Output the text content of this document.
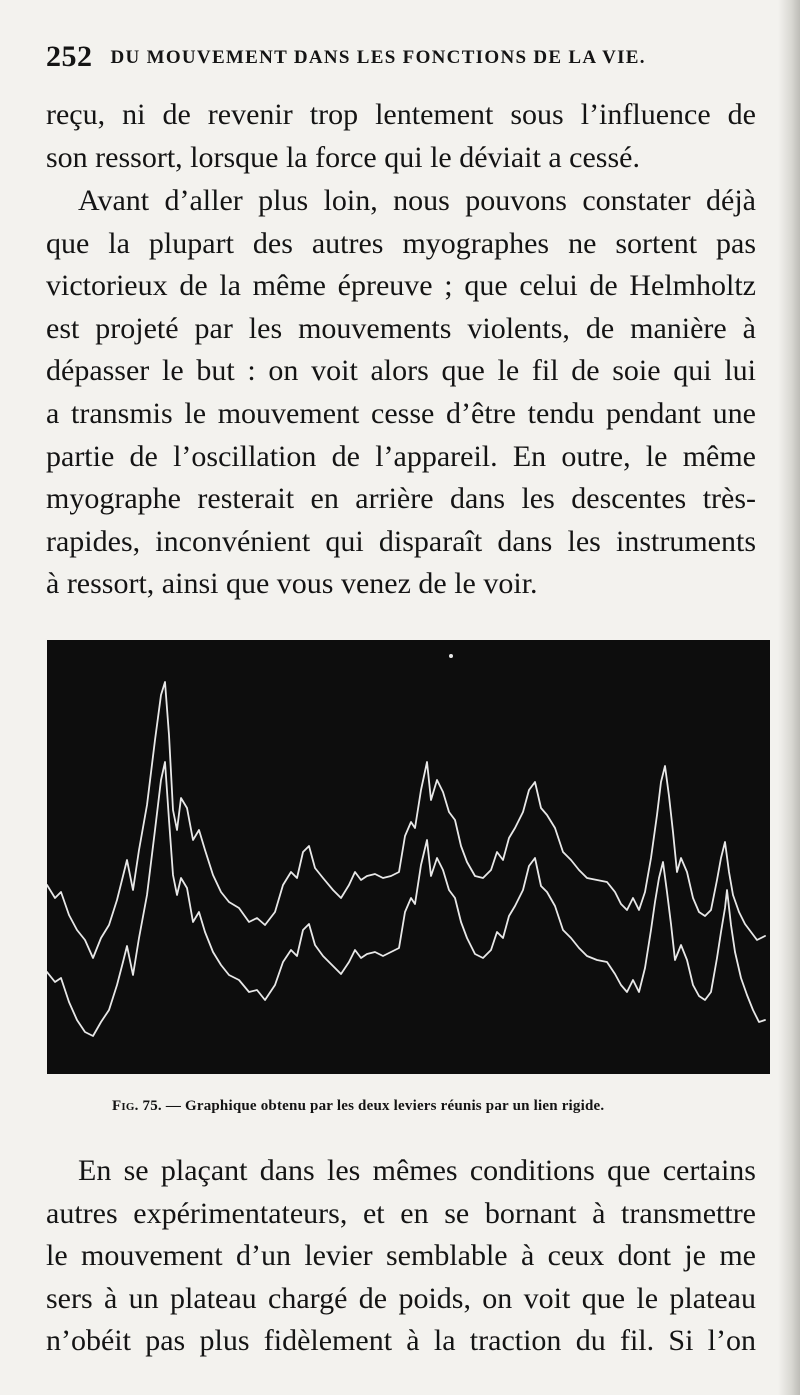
252 DU MOUVEMENT DANS LES FONCTIONS DE LA VIE.
reçu, ni de revenir trop lentement sous l’influence de
son ressort, lorsque la force qui le déviait a cessé.
Avant d’aller plus loin, nous pouvons constater déjà
que la plupart des autres myographes ne sortent pas
victorieux de la même épreuve ; que celui de Helmholtz
est projeté par les mouvements violents, de manière à
dépasser le but : on voit alors que le fil de soie qui lui
a transmis le mouvement cesse d’être tendu pendant une
partie de l’oscillation de l’appareil. En outre, le même
myographe resterait en arrière dans les descentes très-
rapides, inconvénient qui disparaît dans les instruments
à ressort, ainsi que vous venez de le voir.
Fig. 75. — Graphique obtenu par les deux leviers réunis par un lien rigide.
En se plaçant dans les mêmes conditions que certains
autres expérimentateurs, et en se bornant à transmettre
le mouvement d’un levier semblable à ceux dont je me
sers à un plateau chargé de poids, on voit que le plateau
n’obéit pas plus fidèlement à la traction du fil. Si l’on
